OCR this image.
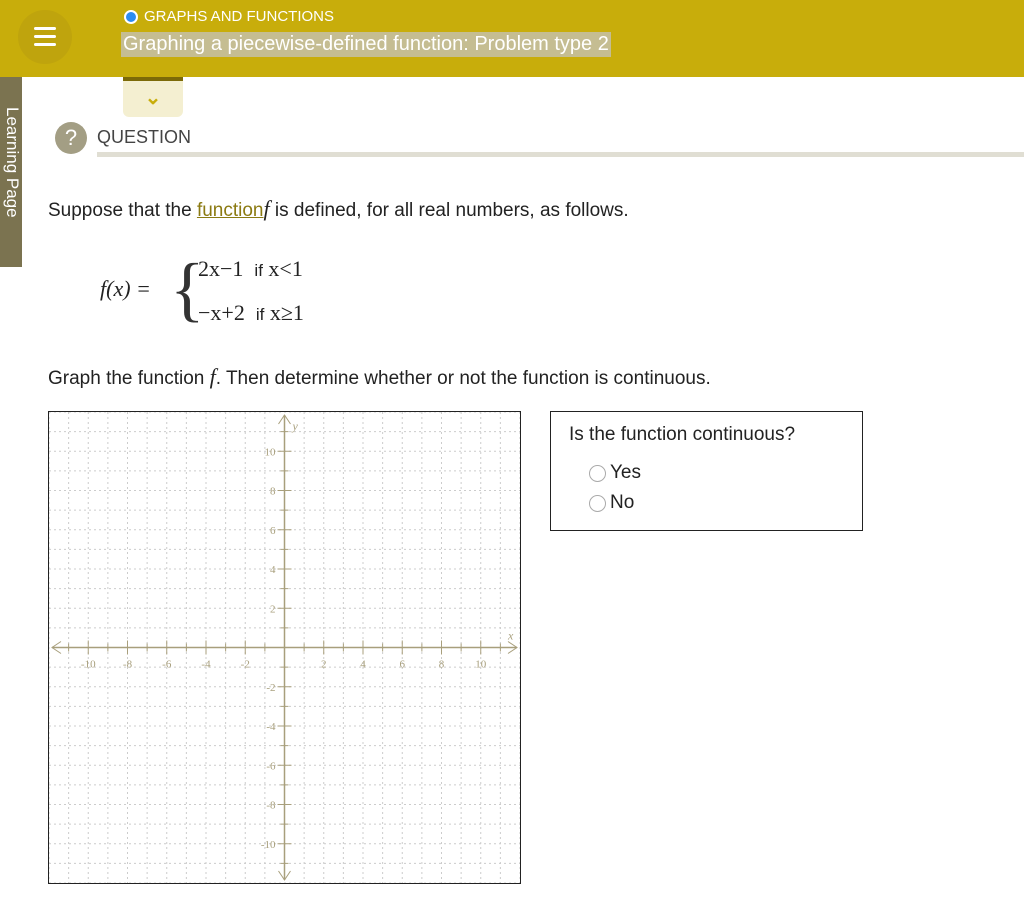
GRAPHS AND FUNCTIONS
Graphing a piecewise-defined function: Problem type 2
⌄
Learning Page	?	QUESTION
Suppose that the functionf is defined, for all real numbers, as follows.
f(x) = {
2x−1 if x<1
−x+2 if x≥1
Graph the function f. Then determine whether or not the function is continuous.
-10 -8	-6	-4	-2	2	4	6	8	10
-10
-8
-6
-4
-2
2
4
6
8
10
x
y	Is the function continuous?
Yes
No
